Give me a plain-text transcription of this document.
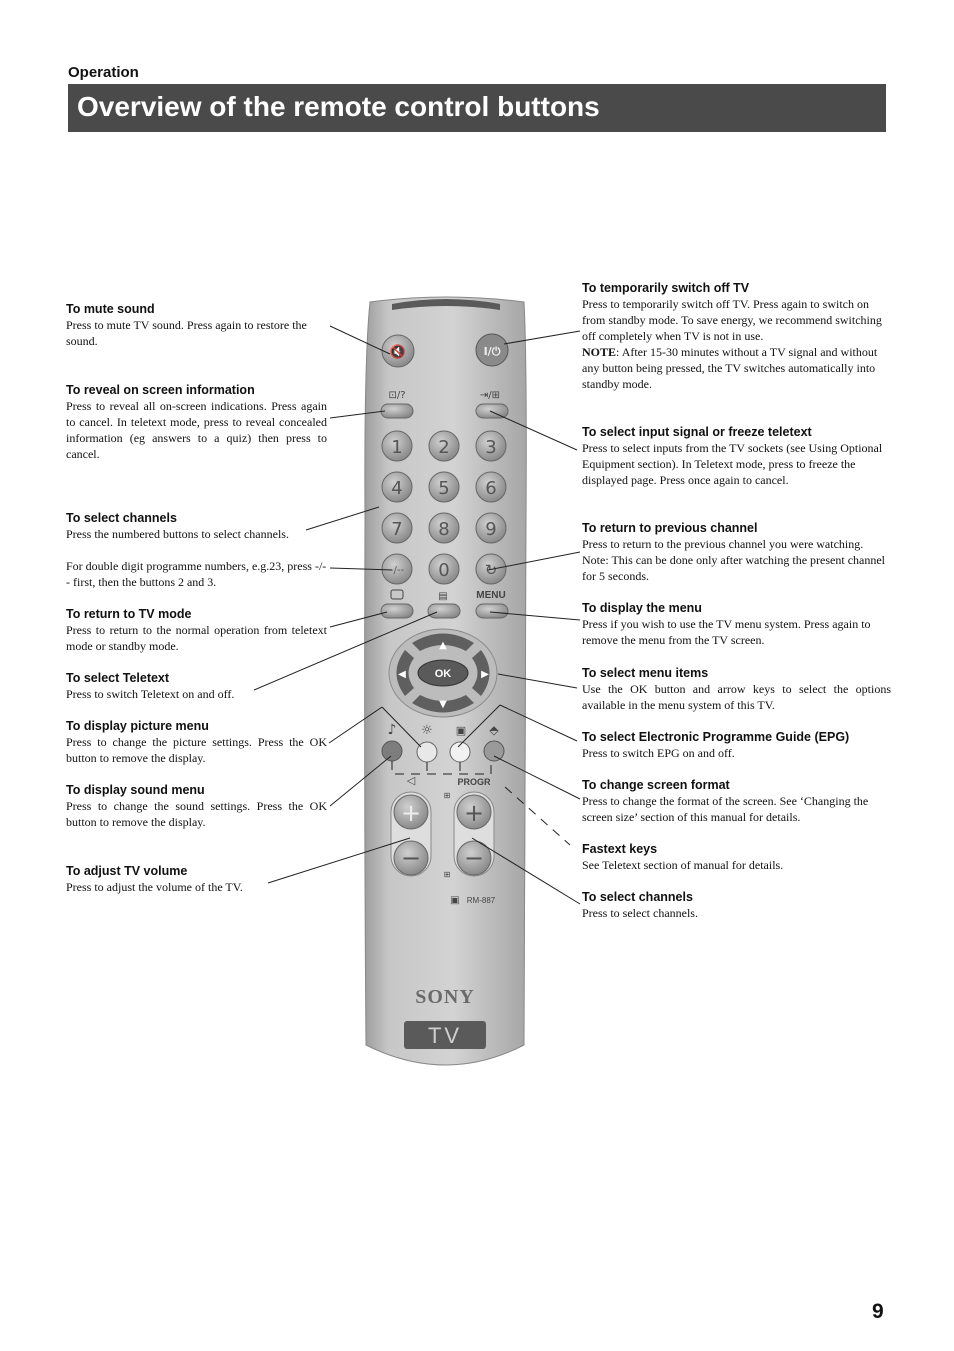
Operation
Overview of the remote control buttons
To mute sound

Press to mute TV sound. Press again to restore the sound.

To reveal on screen information

Press to reveal all on-screen indications. Press again to cancel. In teletext mode, press to reveal concealed information (eg answers to a quiz) then press to cancel.

To select channels

Press the numbered buttons to select channels.

For double digit programme numbers, e.g.23, press -/-- first, then the buttons 2 and 3.

To return to TV mode

Press to return to the normal operation from teletext mode or standby mode.

To select Teletext

Press to switch Teletext on and off.

To display picture menu

Press to change the picture settings. Press the OK button to remove the display.

To display sound menu

Press to change the sound settings. Press the OK button to remove the display.

To adjust TV volume

Press to adjust the volume of the TV.

To temporarily switch off TV

Press to temporarily switch off TV. Press again to switch on from standby mode. To save energy, we recommend switching off completely when TV is not in use.
NOTE: After 15-30 minutes without a TV signal and without any button being pressed, the TV switches automatically into standby mode.

To select input signal or freeze teletext

Press to select inputs from the TV sockets (see Using Optional Equipment section). In Teletext mode, press to freeze the displayed page. Press once again to cancel.

To return to previous channel

Press to return to the previous channel you were watching. Note: This can be done only after watching the present channel for 5 seconds.

To display the menu

Press if you wish to use the TV menu system. Press again to remove the menu from the TV screen.

To select menu items

Use the OK button and arrow keys to select the options available in the menu system of this TV.

To select Electronic Programme Guide (EPG)

Press to switch EPG on and off.

To change screen format

Press to change the format of the screen. See ‘Changing the screen size’ section of this manual for details.

Fastext keys

See Teletext section of manual for details.

To select channels

Press to select channels.

🔇	I/⏻
⊡/?	⇥/⊞
1 2 3
4 5 6
7 8 9
-/-- 0 ↻
▤	MENU
▲
▼
◀	▶
OK
♪ ☼ ▣ ⬘
◁	PROGR
+
−
+
−
⊞
⊞
▣ RM-887
SONY
TV
9
